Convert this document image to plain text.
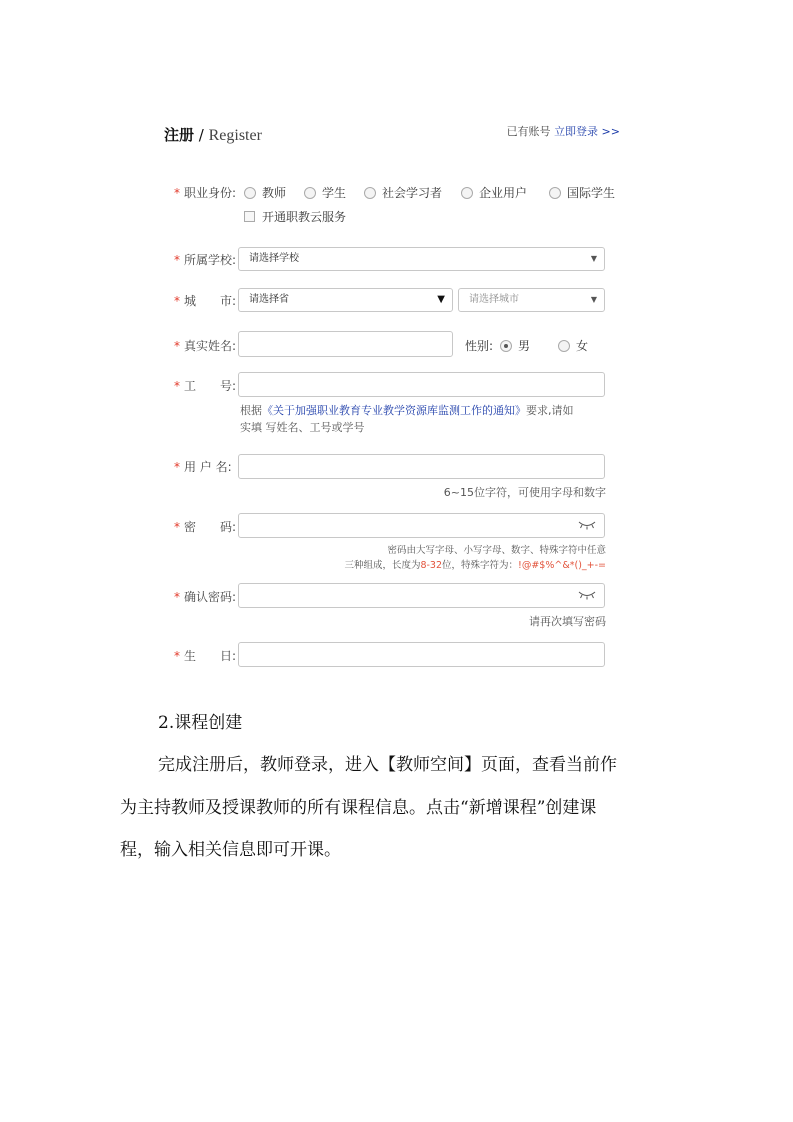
注册 / Register	已有账号 立即登录 >>
* 职业身份:	教师	学生	社会学习者	企业用户	国际学生
开通职教云服务
* 所属学校:	请选择学校	▼
* 城　　市:	请选择省	▼	请选择城市	▼
* 真实姓名:	性别:	男	女
* 工　　号:
根据《关于加强职业教育专业教学资源库监测工作的通知》要求,请如
实填 写姓名、工号或学号
* 用 户 名:
6~15位字符，可使用字母和数字
* 密　　码:
密码由大写字母、小写字母、数字、特殊字符中任意
三种组成，长度为8-32位，特殊字符为：!@#$%^&*()_+-=
* 确认密码:
请再次填写密码
* 生　　日:
2.课程创建
完成注册后，教师登录，进入【教师空间】页面，查看当前作
为主持教师及授课教师的所有课程信息。点击“新增课程”创建课
程，输入相关信息即可开课。
